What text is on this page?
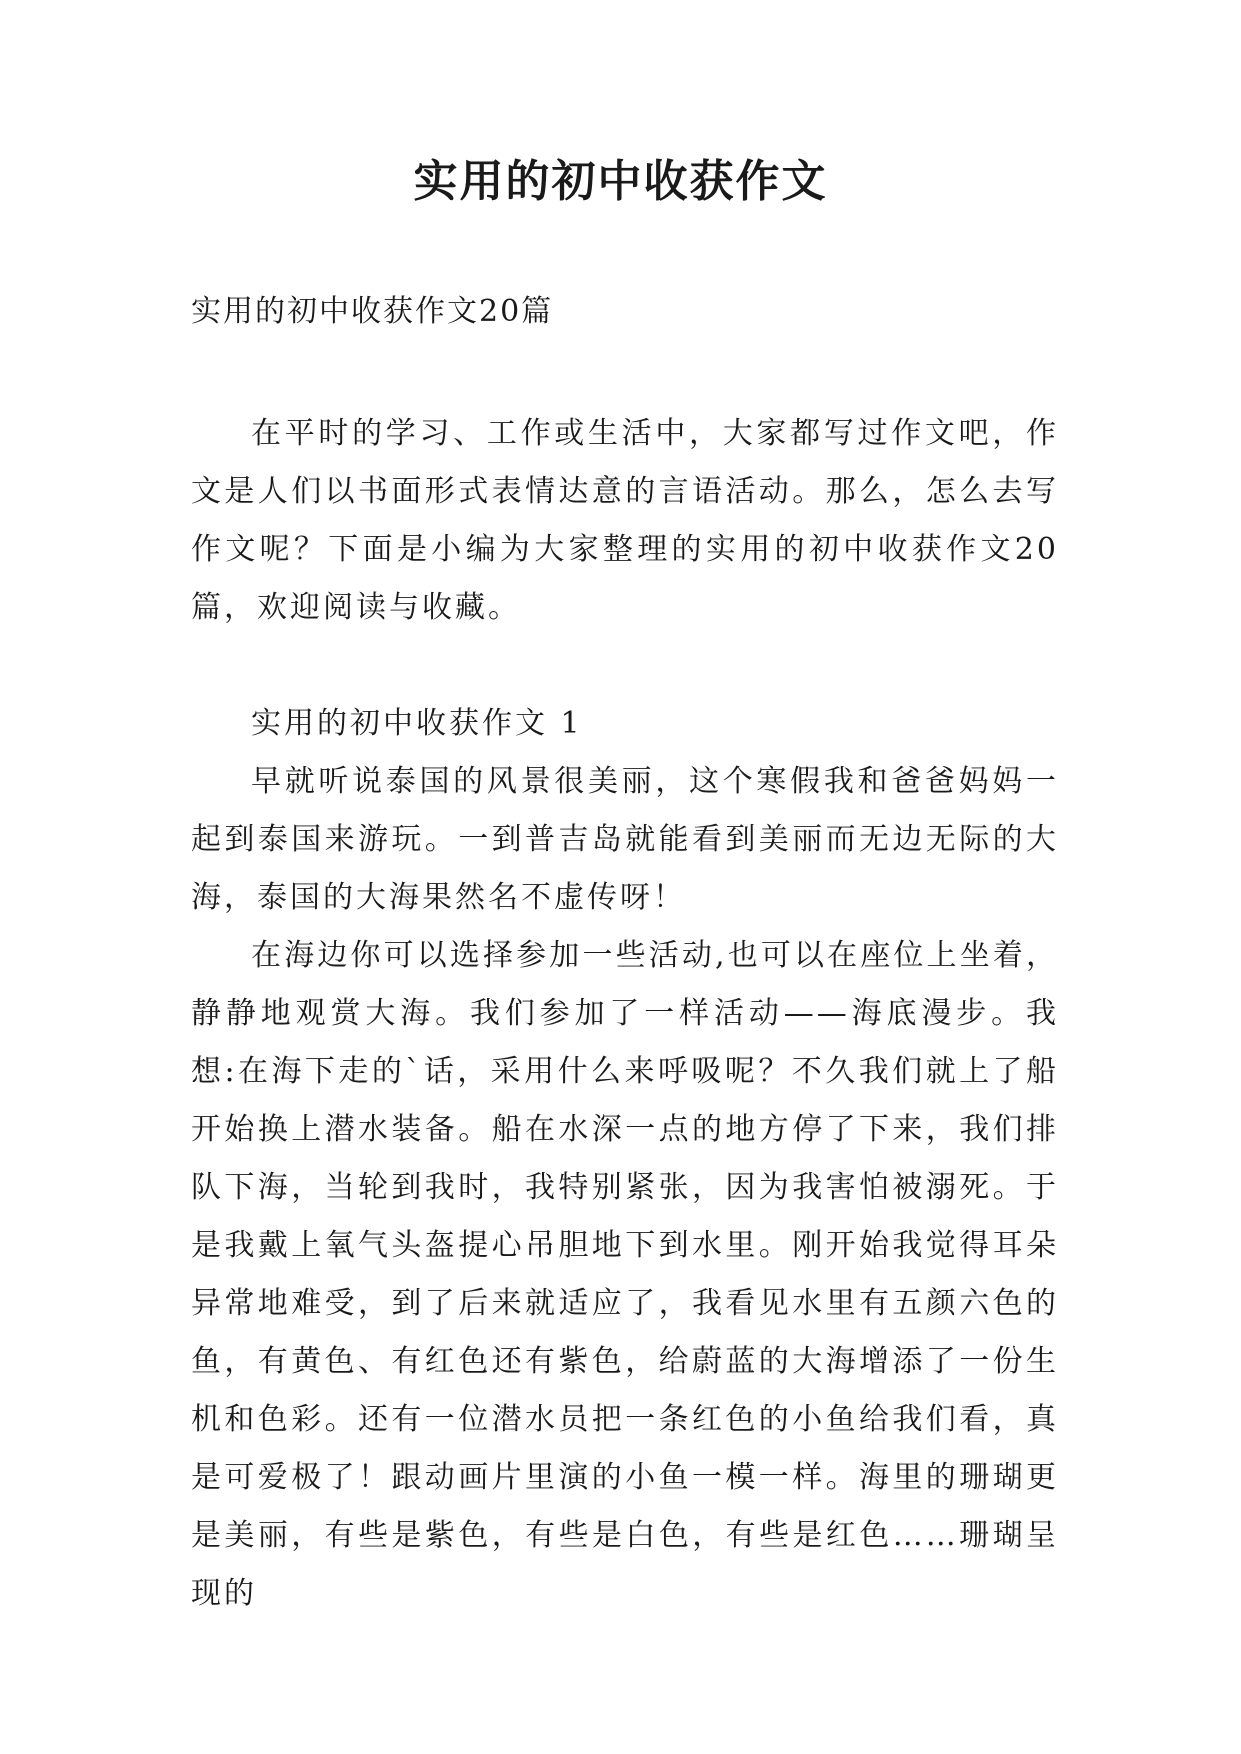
实用的初中收获作文
实用的初中收获作文20篇

在平时的学习、工作或生活中，大家都写过作文吧，作文是人们以书面形式表情达意的言语活动。那么，怎么去写作文呢？下面是小编为大家整理的实用的初中收获作文20篇，欢迎阅读与收藏。

实用的初中收获作文 1

早就听说泰国的风景很美丽，这个寒假我和爸爸妈妈一起到泰国来游玩。一到普吉岛就能看到美丽而无边无际的大海，泰国的大海果然名不虚传呀！

在海边你可以选择参加一些活动,也可以在座位上坐着，静静地观赏大海。我们参加了一样活动——海底漫步。我想:在海下走的`话，采用什么来呼吸呢？不久我们就上了船开始换上潜水装备。船在水深一点的地方停了下来，我们排队下海，当轮到我时，我特别紧张，因为我害怕被溺死。于是我戴上氧气头盔提心吊胆地下到水里。刚开始我觉得耳朵异常地难受，到了后来就适应了，我看见水里有五颜六色的鱼，有黄色、有红色还有紫色，给蔚蓝的大海增添了一份生机和色彩。还有一位潜水员把一条红色的小鱼给我们看，真是可爱极了！跟动画片里演的小鱼一模一样。海里的珊瑚更是美丽，有些是紫色，有些是白色，有些是红色……珊瑚呈现的
